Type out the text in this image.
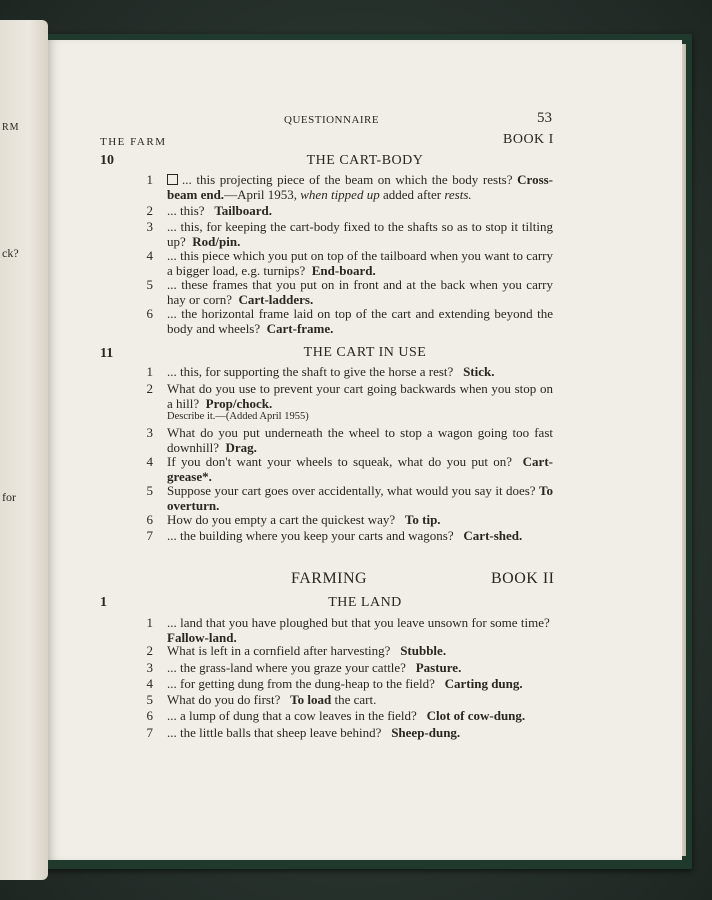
RM
ck?
for
QUESTIONNAIRE	53
THE FARM	BOOK I
10	THE CART-BODY
1	... this projecting piece of the beam on which the body rests? Cross-beam end.—April 1953, when tipped up added after rests.
2 ... this? Tailboard.
3 ... this, for keeping the cart-body fixed to the shafts so as to stop it tilting up? Rod/pin.
4 ... this piece which you put on top of the tailboard when you want to carry a bigger load, e.g. turnips? End-board.
5 ... these frames that you put on in front and at the back when you carry hay or corn? Cart-ladders.
6 ... the horizontal frame laid on top of the cart and extending beyond the body and wheels? Cart-frame.
11	THE CART IN USE
1 ... this, for supporting the shaft to give the horse a rest? Stick.
2 What do you use to prevent your cart going backwards when you stop on a hill? Prop/chock.
Describe it.—(Added April 1955)
3 What do you put underneath the wheel to stop a wagon going too fast downhill? Drag.
4 If you don't want your wheels to squeak, what do you put on? Cart-grease*.
5 Suppose your cart goes over accidentally, what would you say it does? To overturn.
6 How do you empty a cart the quickest way? To tip.
7 ... the building where you keep your carts and wagons? Cart-shed.
FARMING	BOOK II
1	THE LAND
1 ... land that you have ploughed but that you leave unsown for some time?  Fallow-land.
2 What is left in a cornfield after harvesting? Stubble.
3 ... the grass-land where you graze your cattle? Pasture.
4 ... for getting dung from the dung-heap to the field? Carting dung.
5 What do you do first? To load the cart.
6 ... a lump of dung that a cow leaves in the field? Clot of cow-dung.
7 ... the little balls that sheep leave behind? Sheep-dung.
